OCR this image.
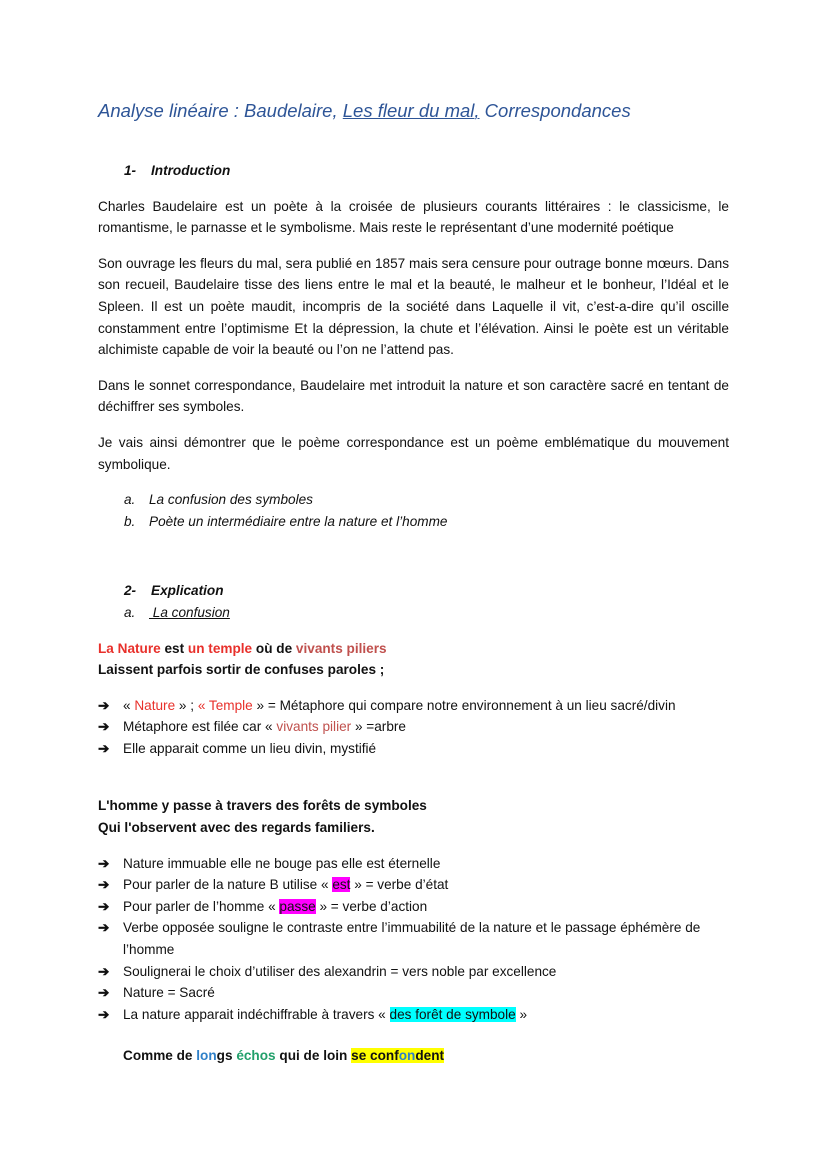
Analyse linéaire : Baudelaire, Les fleur du mal, Correspondances
1- Introduction
Charles Baudelaire est un poète à la croisée de plusieurs courants littéraires : le classicisme, le romantisme, le parnasse et le symbolisme. Mais reste le représentant d’une modernité poétique
Son ouvrage les fleurs du mal, sera publié en 1857 mais sera censure pour outrage bonne mœurs. Dans son recueil, Baudelaire tisse des liens entre le mal et la beauté, le malheur et le bonheur, l’Idéal et le Spleen. Il est un poète maudit, incompris de la société dans Laquelle il vit, c’est-a-dire qu’il oscille constamment entre l’optimisme Et la dépression, la chute et l’élévation. Ainsi le poète est un véritable alchimiste capable de voir la beauté ou l’on ne l’attend pas.
Dans le sonnet correspondance, Baudelaire met introduit la nature et son caractère sacré en tentant de déchiffrer ses symboles.
Je vais ainsi démontrer que le poème correspondance est un poème emblématique du mouvement symbolique.
a. La confusion des symboles
b. Poète un intermédiaire entre la nature et l’homme
2- Explication
a. La confusion
La Nature est un temple où de vivants piliers
Laissent parfois sortir de confuses paroles ;
➔ « Nature » ; « Temple » = Métaphore qui compare notre environnement à un lieu sacré/divin
➔ Métaphore est filée car « vivants pilier » =arbre
➔ Elle apparait comme un lieu divin, mystifié
L'homme y passe à travers des forêts de symboles
Qui l'observent avec des regards familiers.
➔ Nature immuable elle ne bouge pas elle est éternelle
➔ Pour parler de la nature B utilise « est » = verbe d’état
➔ Pour parler de l’homme « passe » = verbe d’action
➔ Verbe opposée souligne le contraste entre l’immuabilité de la nature et le passage éphémère de l’homme
➔ Soulignerai le choix d’utiliser des alexandrin = vers noble par excellence
➔ Nature = Sacré
➔ La nature apparait indéchiffrable à travers « des forêt de symbole »
Comme de longs échos qui de loin se confondent
